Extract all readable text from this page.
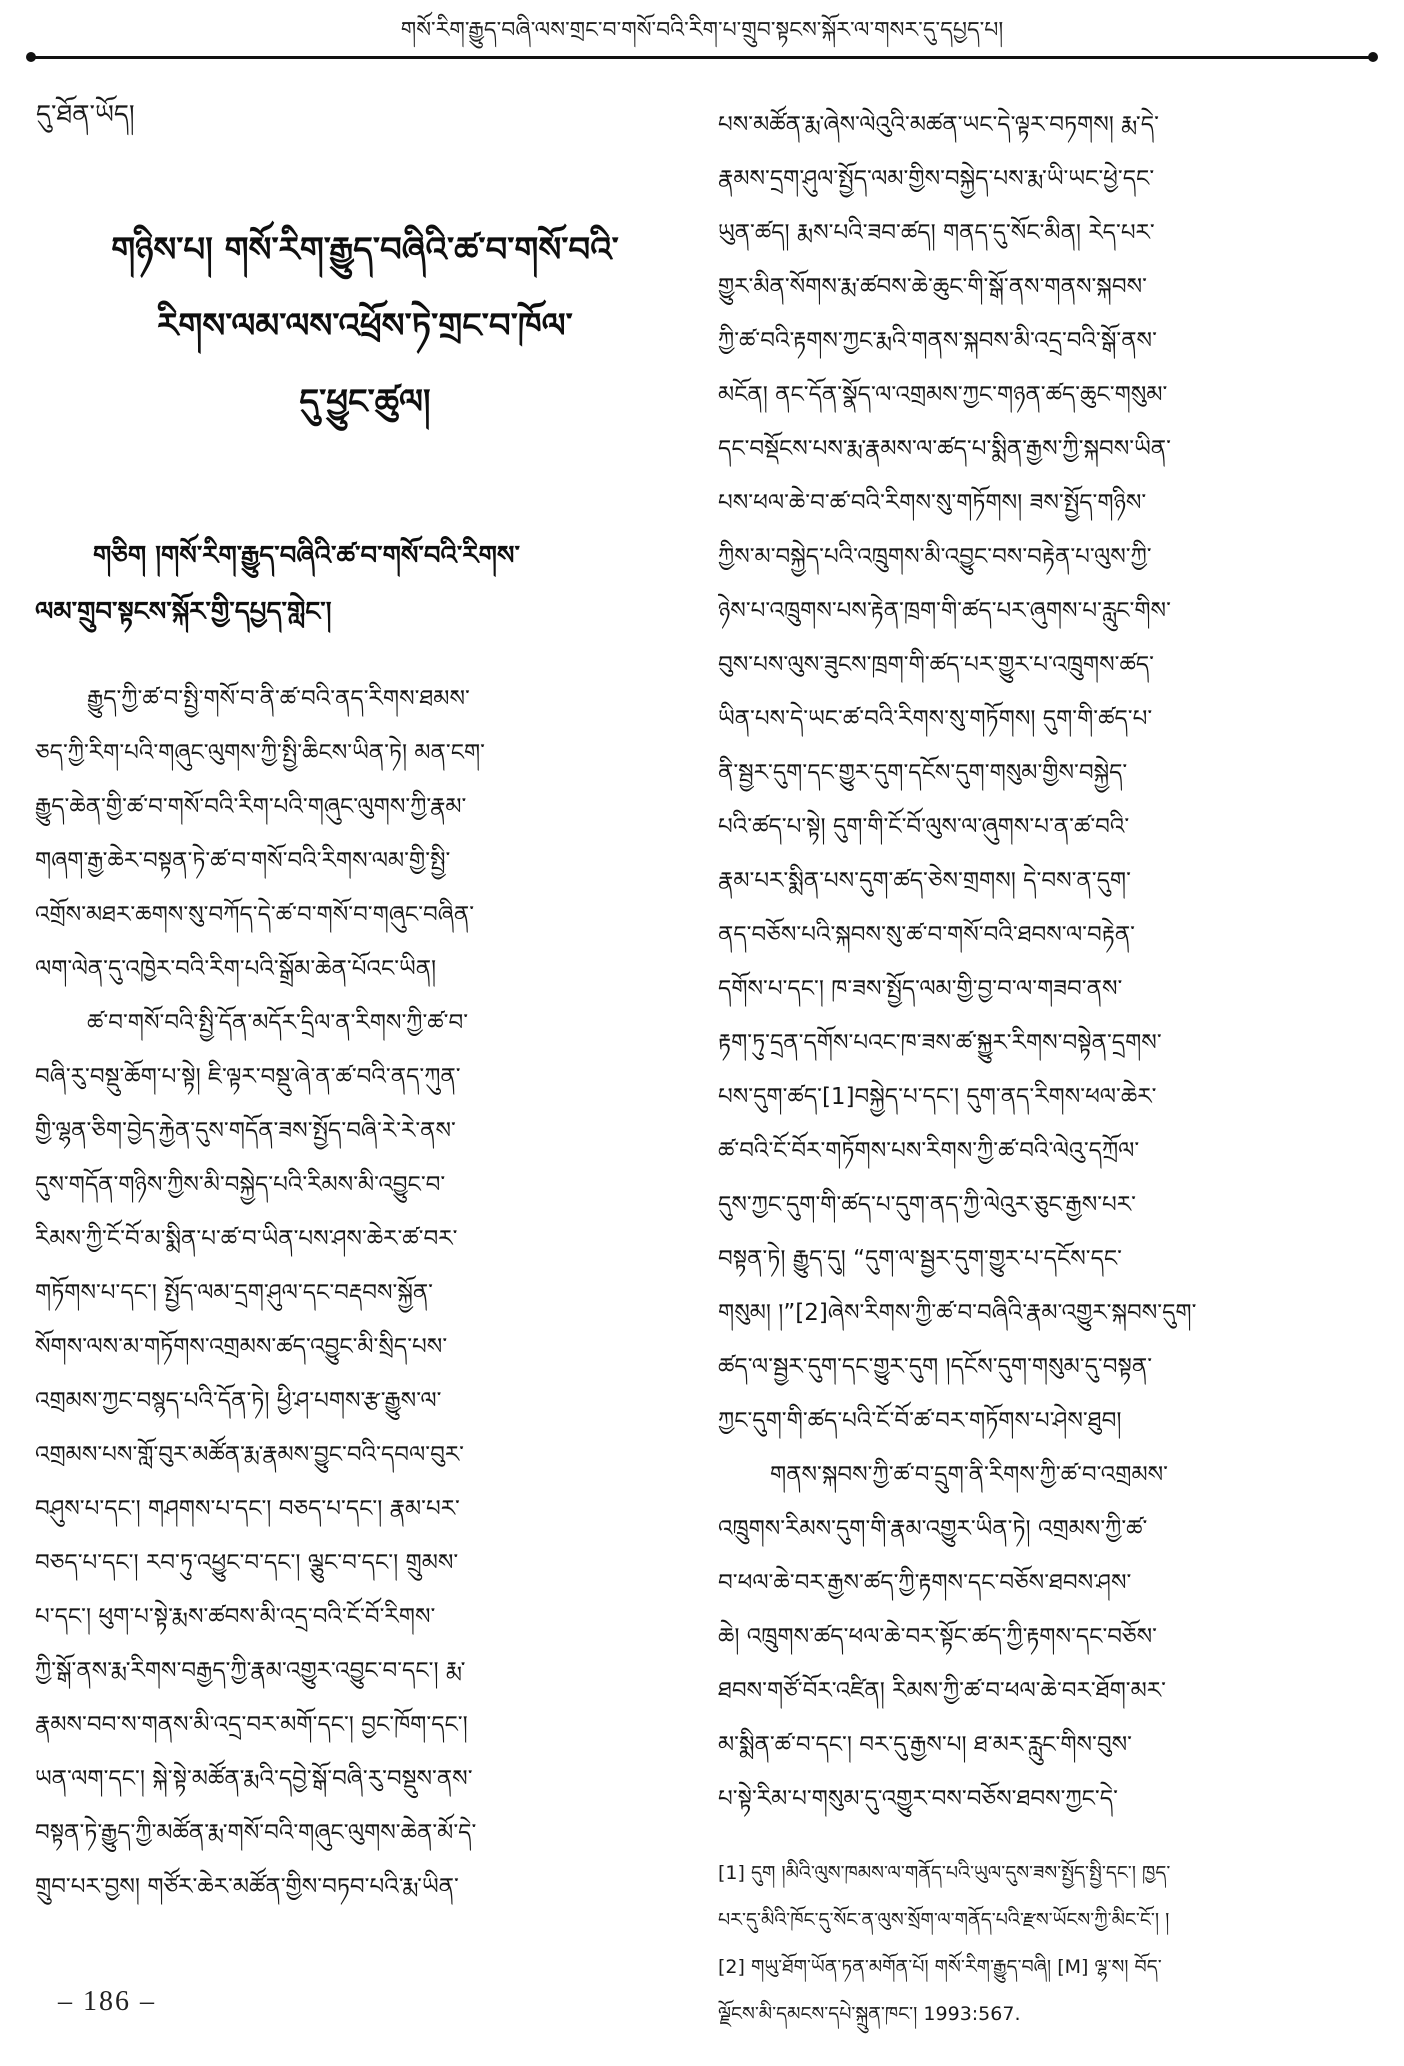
གསོ་རིག་རྒྱུད་བཞི་ལས་གྲང་བ་གསོ་བའི་རིག་པ་གྲུབ་སྟངས་སྐོར་ལ་གསར་དུ་དཔྱད་པ།
དུ་ཐོན་ཡོད།
གཉིས་པ། གསོ་རིག་རྒྱུད་བཞིའི་ཚ་བ་གསོ་བའི་
རིགས་ལམ་ལས་འཕྲོས་ཏེ་གྲང་བ་ཁོལ་
དུ་ཕྱུང་ཚུལ།
གཅིག །གསོ་རིག་རྒྱུད་བཞིའི་ཚ་བ་གསོ་བའི་རིགས་
ལམ་གྲུབ་སྟངས་སྐོར་གྱི་དཔྱད་གླེང་།
རྒྱུད་ཀྱི་ཚ་བ་སྤྱི་གསོ་བ་ནི་ཚ་བའི་ནད་རིགས་ཐམས་
ཅད་ཀྱི་རིག་པའི་གཞུང་ལུགས་ཀྱི་སྤྱི་ཆིངས་ཡིན་ཏེ། མན་ངག་
རྒྱུད་ཆེན་གྱི་ཚ་བ་གསོ་བའི་རིག་པའི་གཞུང་ལུགས་ཀྱི་རྣམ་
གཞག་རྒྱ་ཆེར་བསྟན་ཏེ་ཚ་བ་གསོ་བའི་རིགས་ལམ་གྱི་སྤྱི་
འགྲོས་མཐར་ཆགས་སུ་བཀོད་དེ་ཚ་བ་གསོ་བ་གཞུང་བཞིན་
ལག་ལེན་དུ་འཁྱེར་བའི་རིག་པའི་སྒྲོམ་ཆེན་པོའང་ཡིན།
ཚ་བ་གསོ་བའི་སྤྱི་དོན་མདོར་དྲིལ་ན་རིགས་ཀྱི་ཚ་བ་
བཞི་རུ་བསྡུ་ཆོག་པ་སྟེ། ཇི་ལྟར་བསྡུ་ཞེ་ན་ཚ་བའི་ནད་ཀུན་
གྱི་ལྷན་ཅིག་བྱེད་རྐྱེན་དུས་གདོན་ཟས་སྤྱོད་བཞི་རེ་རེ་ནས་
དུས་གདོན་གཉིས་ཀྱིས་མི་བསྐྱེད་པའི་རིམས་མི་འབྱུང་བ་
རིམས་ཀྱི་ངོ་བོ་མ་སྨིན་པ་ཚ་བ་ཡིན་པས་ཤས་ཆེར་ཚ་བར་
གཏོགས་པ་དང་། སྤྱོད་ལམ་དྲག་ཤུལ་དང་བརྡབས་སྐྱོན་
སོགས་ལས་མ་གཏོགས་འགྲམས་ཚད་འབྱུང་མི་སྲིད་པས་
འགྲམས་ཀྱང་བསྙད་པའི་དོན་ཏེ། ཕྱི་ཤ་པགས་རྩ་རྒྱུས་ལ་
འགྲམས་པས་གློ་བུར་མཚོན་རྨ་རྣམས་བྱུང་བའི་དབལ་བུར་
བཤུས་པ་དང་། གཤགས་པ་དང་། བཅད་པ་དང་། རྣམ་པར་
བཅད་པ་དང་། རབ་ཏུ་འཕྱུང་བ་དང་། ལྕུང་བ་དང་། གྲུམས་
པ་དང་། ཕུག་པ་སྟེ་རྨས་ཚབས་མི་འདྲ་བའི་ངོ་བོ་རིགས་
ཀྱི་སྒོ་ནས་རྨ་རིགས་བརྒྱད་ཀྱི་རྣམ་འགྱུར་འབྱུང་བ་དང་། རྨ་
རྣམས་བབ་ས་གནས་མི་འདྲ་བར་མགོ་དང་། བྱང་ཁོག་དང་།
ཡན་ལག་དང་། སྐེ་སྟེ་མཚོན་རྨའི་དབྱེ་སྒོ་བཞི་རུ་བསྡུས་ནས་
བསྟན་ཏེ་རྒྱུད་ཀྱི་མཚོན་རྨ་གསོ་བའི་གཞུང་ལུགས་ཆེན་མོ་དེ་
གྲུབ་པར་བྱས། གཙོར་ཆེར་མཚོན་གྱིས་བཏབ་པའི་རྨ་ཡིན་
པས་མཚོན་རྨ་ཞེས་ལེའུའི་མཚན་ཡང་དེ་ལྟར་བཏགས། རྨ་དེ་
རྣམས་དྲག་ཤུལ་སྤྱོད་ལམ་གྱིས་བསྐྱེད་པས་རྨ་ཡི་ཡང་ཕྱེ་དང་
ཡུན་ཚད། རྨས་པའི་ཟབ་ཚད། གནད་དུ་སོང་མིན། རེད་པར་
གྱུར་མིན་སོགས་རྨ་ཚབས་ཆེ་ཆུང་གི་སྒོ་ནས་གནས་སྐབས་
ཀྱི་ཚ་བའི་རྟགས་ཀྱང་རྨའི་གནས་སྐབས་མི་འདྲ་བའི་སྒོ་ནས་
མངོན། ནང་དོན་སྣོད་ལ་འགྲམས་ཀྱང་གཉན་ཚད་ཆུང་གསུམ་
དང་བསྡོངས་པས་རྨ་རྣམས་ལ་ཚད་པ་སྨིན་རྒྱས་ཀྱི་སྐབས་ཡིན་
པས་ཕལ་ཆེ་བ་ཚ་བའི་རིགས་སུ་གཏོགས། ཟས་སྤྱོད་གཉིས་
ཀྱིས་མ་བསྐྱེད་པའི་འཁྲུགས་མི་འབྱུང་བས་བརྟེན་པ་ལུས་ཀྱི་
ཉེས་པ་འཁྲུགས་པས་རྟེན་ཁྲག་གི་ཚད་པར་ཞུགས་པ་རླུང་གིས་
བུས་པས་ལུས་ཟུངས་ཁྲག་གི་ཚད་པར་གྱུར་པ་འཁྲུགས་ཚད་
ཡིན་པས་དེ་ཡང་ཚ་བའི་རིགས་སུ་གཏོགས། དུག་གི་ཚད་པ་
ནི་སྦྱར་དུག་དང་གྱུར་དུག་དངོས་དུག་གསུམ་གྱིས་བསྐྱེད་
པའི་ཚད་པ་སྟེ། དུག་གི་ངོ་བོ་ལུས་ལ་ཞུགས་པ་ན་ཚ་བའི་
རྣམ་པར་སྨིན་པས་དུག་ཚད་ཅེས་གྲགས། དེ་བས་ན་དུག་
ནད་བཅོས་པའི་སྐབས་སུ་ཚ་བ་གསོ་བའི་ཐབས་ལ་བརྟེན་
དགོས་པ་དང་། ཁ་ཟས་སྤྱོད་ལམ་གྱི་བྱ་བ་ལ་གཟབ་ནས་
རྟག་ཏུ་དྲན་དགོས་པའང་ཁ་ཟས་ཚ་སྐྱུར་རིགས་བསྟེན་དྲགས་
པས་དུག་ཚད་[1]བསྐྱེད་པ་དང་། དུག་ནད་རིགས་ཕལ་ཆེར་
ཚ་བའི་ངོ་བོར་གཏོགས་པས་རིགས་ཀྱི་ཚ་བའི་ལེའུ་དཀྲོལ་
དུས་ཀྱང་དུག་གི་ཚད་པ་དུག་ནད་ཀྱི་ལེའུར་ཅུང་རྒྱས་པར་
བསྟན་ཏེ། རྒྱུད་དུ། “དུག་ལ་སྦྱར་དུག་གྱུར་པ་དངོས་དང་
གསུམ། །”[2]ཞེས་རིགས་ཀྱི་ཚ་བ་བཞིའི་རྣམ་འགྱུར་སྐབས་དུག་
ཚད་ལ་སྦྱར་དུག་དང་གྱུར་དུག །དངོས་དུག་གསུམ་དུ་བསྟན་
ཀྱང་དུག་གི་ཚད་པའི་ངོ་བོ་ཚ་བར་གཏོགས་པ་ཤེས་ཐུབ།
གནས་སྐབས་ཀྱི་ཚ་བ་དྲུག་ནི་རིགས་ཀྱི་ཚ་བ་འགྲམས་
འཁྲུགས་རིམས་དུག་གི་རྣམ་འགྱུར་ཡིན་ཏེ། འགྲམས་ཀྱི་ཚ་
བ་ཕལ་ཆེ་བར་རྒྱས་ཚད་ཀྱི་རྟགས་དང་བཅོས་ཐབས་ཤས་
ཆེ། འཁྲུགས་ཚད་ཕལ་ཆེ་བར་སྟོང་ཚད་ཀྱི་རྟགས་དང་བཅོས་
ཐབས་གཙོ་བོར་འཛིན། རིམས་ཀྱི་ཚ་བ་ཕལ་ཆེ་བར་ཐོག་མར་
མ་སྨིན་ཚ་བ་དང་། བར་དུ་རྒྱས་པ། ཐ་མར་རླུང་གིས་བུས་
པ་སྟེ་རིམ་པ་གསུམ་དུ་འགྱུར་བས་བཅོས་ཐབས་ཀྱང་དེ་
[1] དུག །མིའི་ལུས་ཁམས་ལ་གནོད་པའི་ཡུལ་དུས་ཟས་སྤྱོད་སྤྱི་དང་། ཁྱད་
པར་དུ་མིའི་ཁོང་དུ་སོང་ན་ལུས་སྲོག་ལ་གནོད་པའི་རྫས་ཡོངས་ཀྱི་མིང་ངོ་། །
[2] གཡུ་ཐོག་ཡོན་ཏན་མགོན་པོ། གསོ་རིག་རྒྱུད་བཞི། [M] ལྷ་ས། བོད་
ལྗོངས་མི་དམངས་དཔེ་སྐྲུན་ཁང་། 1993:567.
– 186 –
